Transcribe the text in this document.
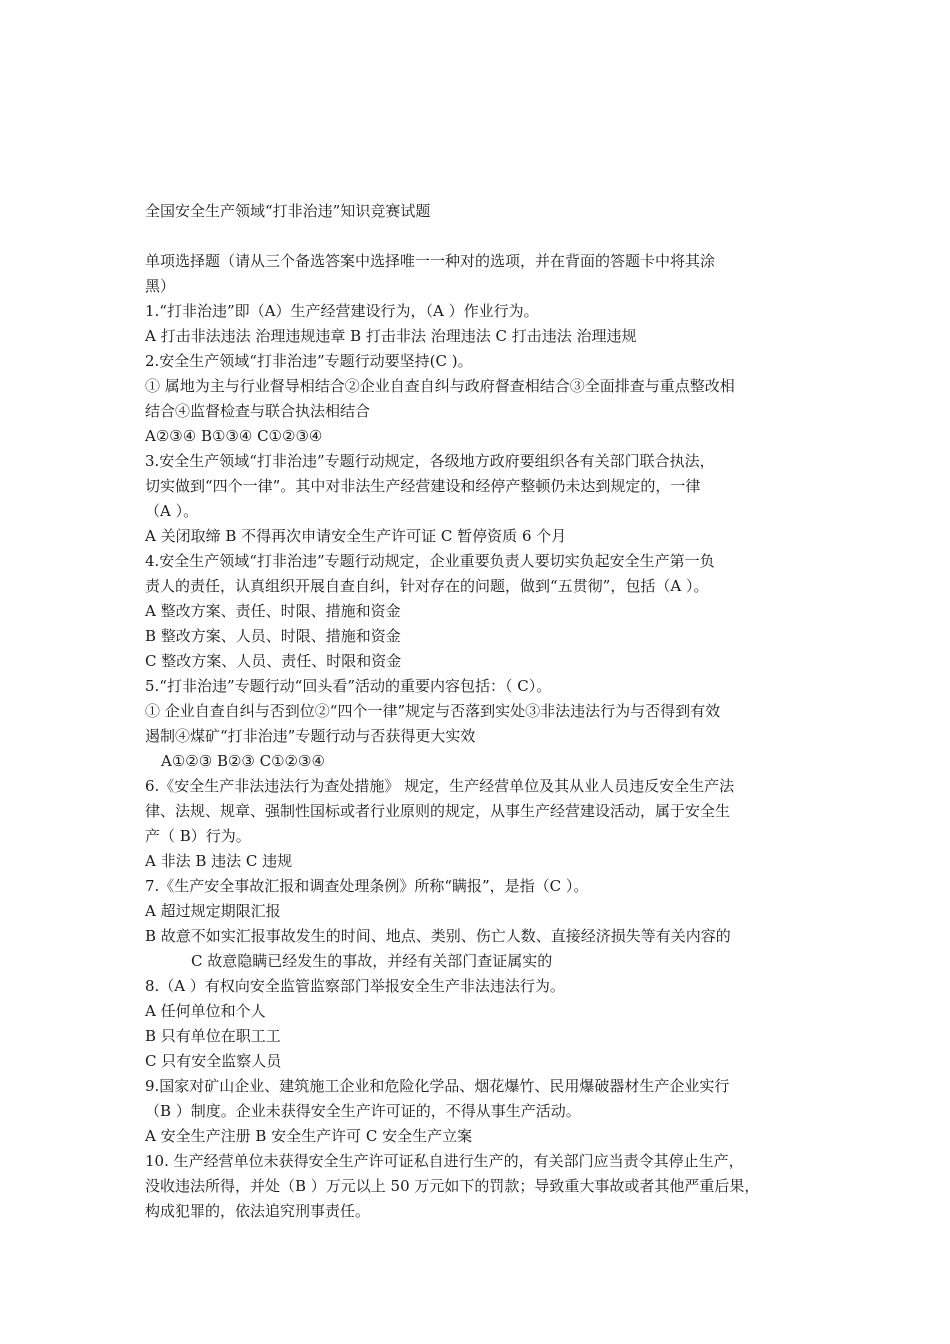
全国安全生产领域“打非治违”知识竞赛试题
单项选择题（请从三个备选答案中选择唯一一种对的选项，并在背面的答题卡中将其涂
黑）
1.“打非治违”即（A）生产经营建设行为，（A ）作业行为。
A 打击非法违法 治理违规违章 B 打击非法 治理违法 C 打击违法 治理违规
2.安全生产领域“打非治违”专题行动要坚持(C )。
① 属地为主与行业督导相结合②企业自查自纠与政府督查相结合③全面排查与重点整改相
结合④监督检查与联合执法相结合
A②③④ B①③④ C①②③④
3.安全生产领域“打非治违”专题行动规定，各级地方政府要组织各有关部门联合执法，
切实做到“四个一律”。其中对非法生产经营建设和经停产整顿仍未达到规定的，一律
（A ）。
A 关闭取缔 B 不得再次申请安全生产许可证 C 暂停资质 6 个月
4.安全生产领域“打非治违”专题行动规定，企业重要负责人要切实负起安全生产第一负
责人的责任，认真组织开展自查自纠，针对存在的问题，做到“五贯彻”，包括（A ）。
A 整改方案、责任、时限、措施和资金
B 整改方案、人员、时限、措施和资金
C 整改方案、人员、责任、时限和资金
5.“打非治违”专题行动“回头看”活动的重要内容包括：（ C）。
① 企业自查自纠与否到位②“四个一律”规定与否落到实处③非法违法行为与否得到有效
遏制④煤矿“打非治违”专题行动与否获得更大实效
A①②③ B②③ C①②③④
6.《安全生产非法违法行为查处措施》 规定，生产经营单位及其从业人员违反安全生产法
律、法规、规章、强制性国标或者行业原则的规定，从事生产经营建设活动，属于安全生
产（ B）行为。
A 非法 B 违法 C 违规
7.《生产安全事故汇报和调查处理条例》所称“瞒报”，是指（C ）。
A 超过规定期限汇报
B 故意不如实汇报事故发生的时间、地点、类别、伤亡人数、直接经济损失等有关内容的
C 故意隐瞒已经发生的事故，并经有关部门查证属实的
8.（A ）有权向安全监管监察部门举报安全生产非法违法行为。
A 任何单位和个人
B 只有单位在职工工
C 只有安全监察人员
9.国家对矿山企业、建筑施工企业和危险化学品、烟花爆竹、民用爆破器材生产企业实行
（B ）制度。企业未获得安全生产许可证的，不得从事生产活动。
A 安全生产注册 B 安全生产许可 C 安全生产立案
10. 生产经营单位未获得安全生产许可证私自进行生产的，有关部门应当责令其停止生产，
没收违法所得，并处（B ）万元以上 50 万元如下的罚款；导致重大事故或者其他严重后果，
构成犯罪的，依法追究刑事责任。
